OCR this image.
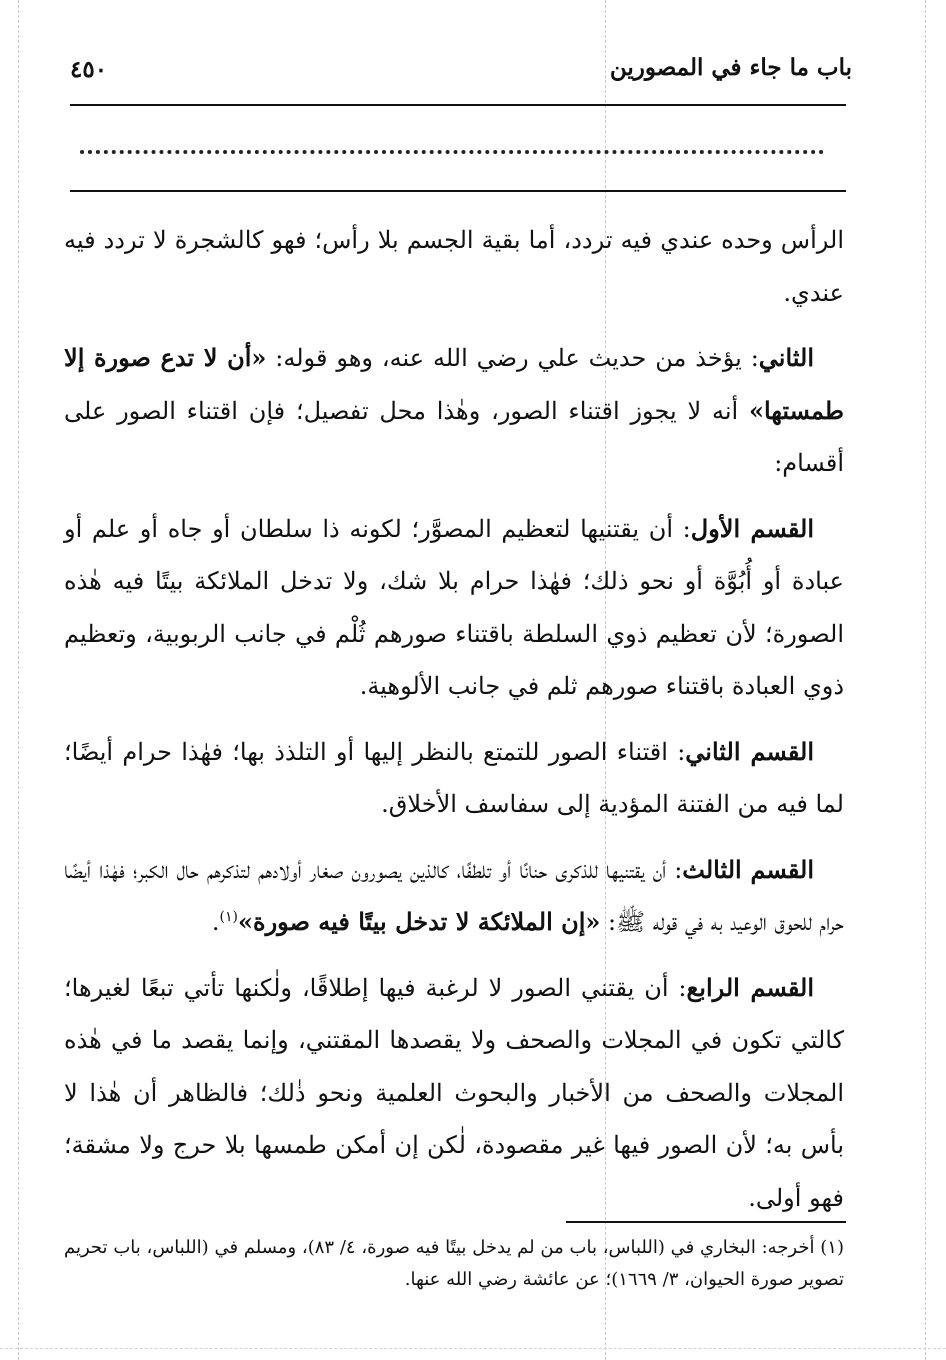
باب ما جاء في المصورين
٤٥٠

الرأس وحده عندي فيه تردد، أما بقية الجسم بلا رأس؛ فهو كالشجرة لا تردد فيه عندي.

الثاني: يؤخذ من حديث علي رضي الله عنه، وهو قوله: «أن لا تدع صورة إلا طمستها» أنه لا يجوز اقتناء الصور، وهٰذا محل تفصيل؛ فإن اقتناء الصور على أقسام:

القسم الأول: أن يقتنيها لتعظيم المصوَّر؛ لكونه ذا سلطان أو جاه أو علم أو عبادة أو أُبُوَّة أو نحو ذلك؛ فهٰذا حرام بلا شك، ولا تدخل الملائكة بيتًا فيه هٰذه الصورة؛ لأن تعظيم ذوي السلطة باقتناء صورهم ثُلْم في جانب الربوبية، وتعظيم ذوي العبادة باقتناء صورهم ثلم في جانب الألوهية.

القسم الثاني: اقتناء الصور للتمتع بالنظر إليها أو التلذذ بها؛ فهٰذا حرام أيضًا؛ لما فيه من الفتنة المؤدية إلى سفاسف الأخلاق.

القسم الثالث: أن يقتنيها للذكرى حنانًا أو تلطفًا، كالذين يصورون صغار أولادهم لتذكرهم حال الكبر؛ فهٰذا أيضًا حرام للحوق الوعيد به في قوله ﷺ: «إن الملائكة لا تدخل بيتًا فيه صورة»$^{(١)}$.

القسم الرابع: أن يقتني الصور لا لرغبة فيها إطلاقًا، ولٰكنها تأتي تبعًا لغيرها؛ كالتي تكون في المجلات والصحف ولا يقصدها المقتني، وإنما يقصد ما في هٰذه المجلات والصحف من الأخبار والبحوث العلمية ونحو ذٰلك؛ فالظاهر أن هٰذا لا بأس به؛ لأن الصور فيها غير مقصودة، لٰكن إن أمكن طمسها بلا حرج ولا مشقة؛ فهو أولى.

(١) أخرجه: البخاري في (اللباس، باب من لم يدخل بيتًا فيه صورة، ٤/ ٨٣)، ومسلم في (اللباس، باب تحريم تصوير صورة الحيوان، ٣/ ١٦٦٩)؛ عن عائشة رضي الله عنها.
